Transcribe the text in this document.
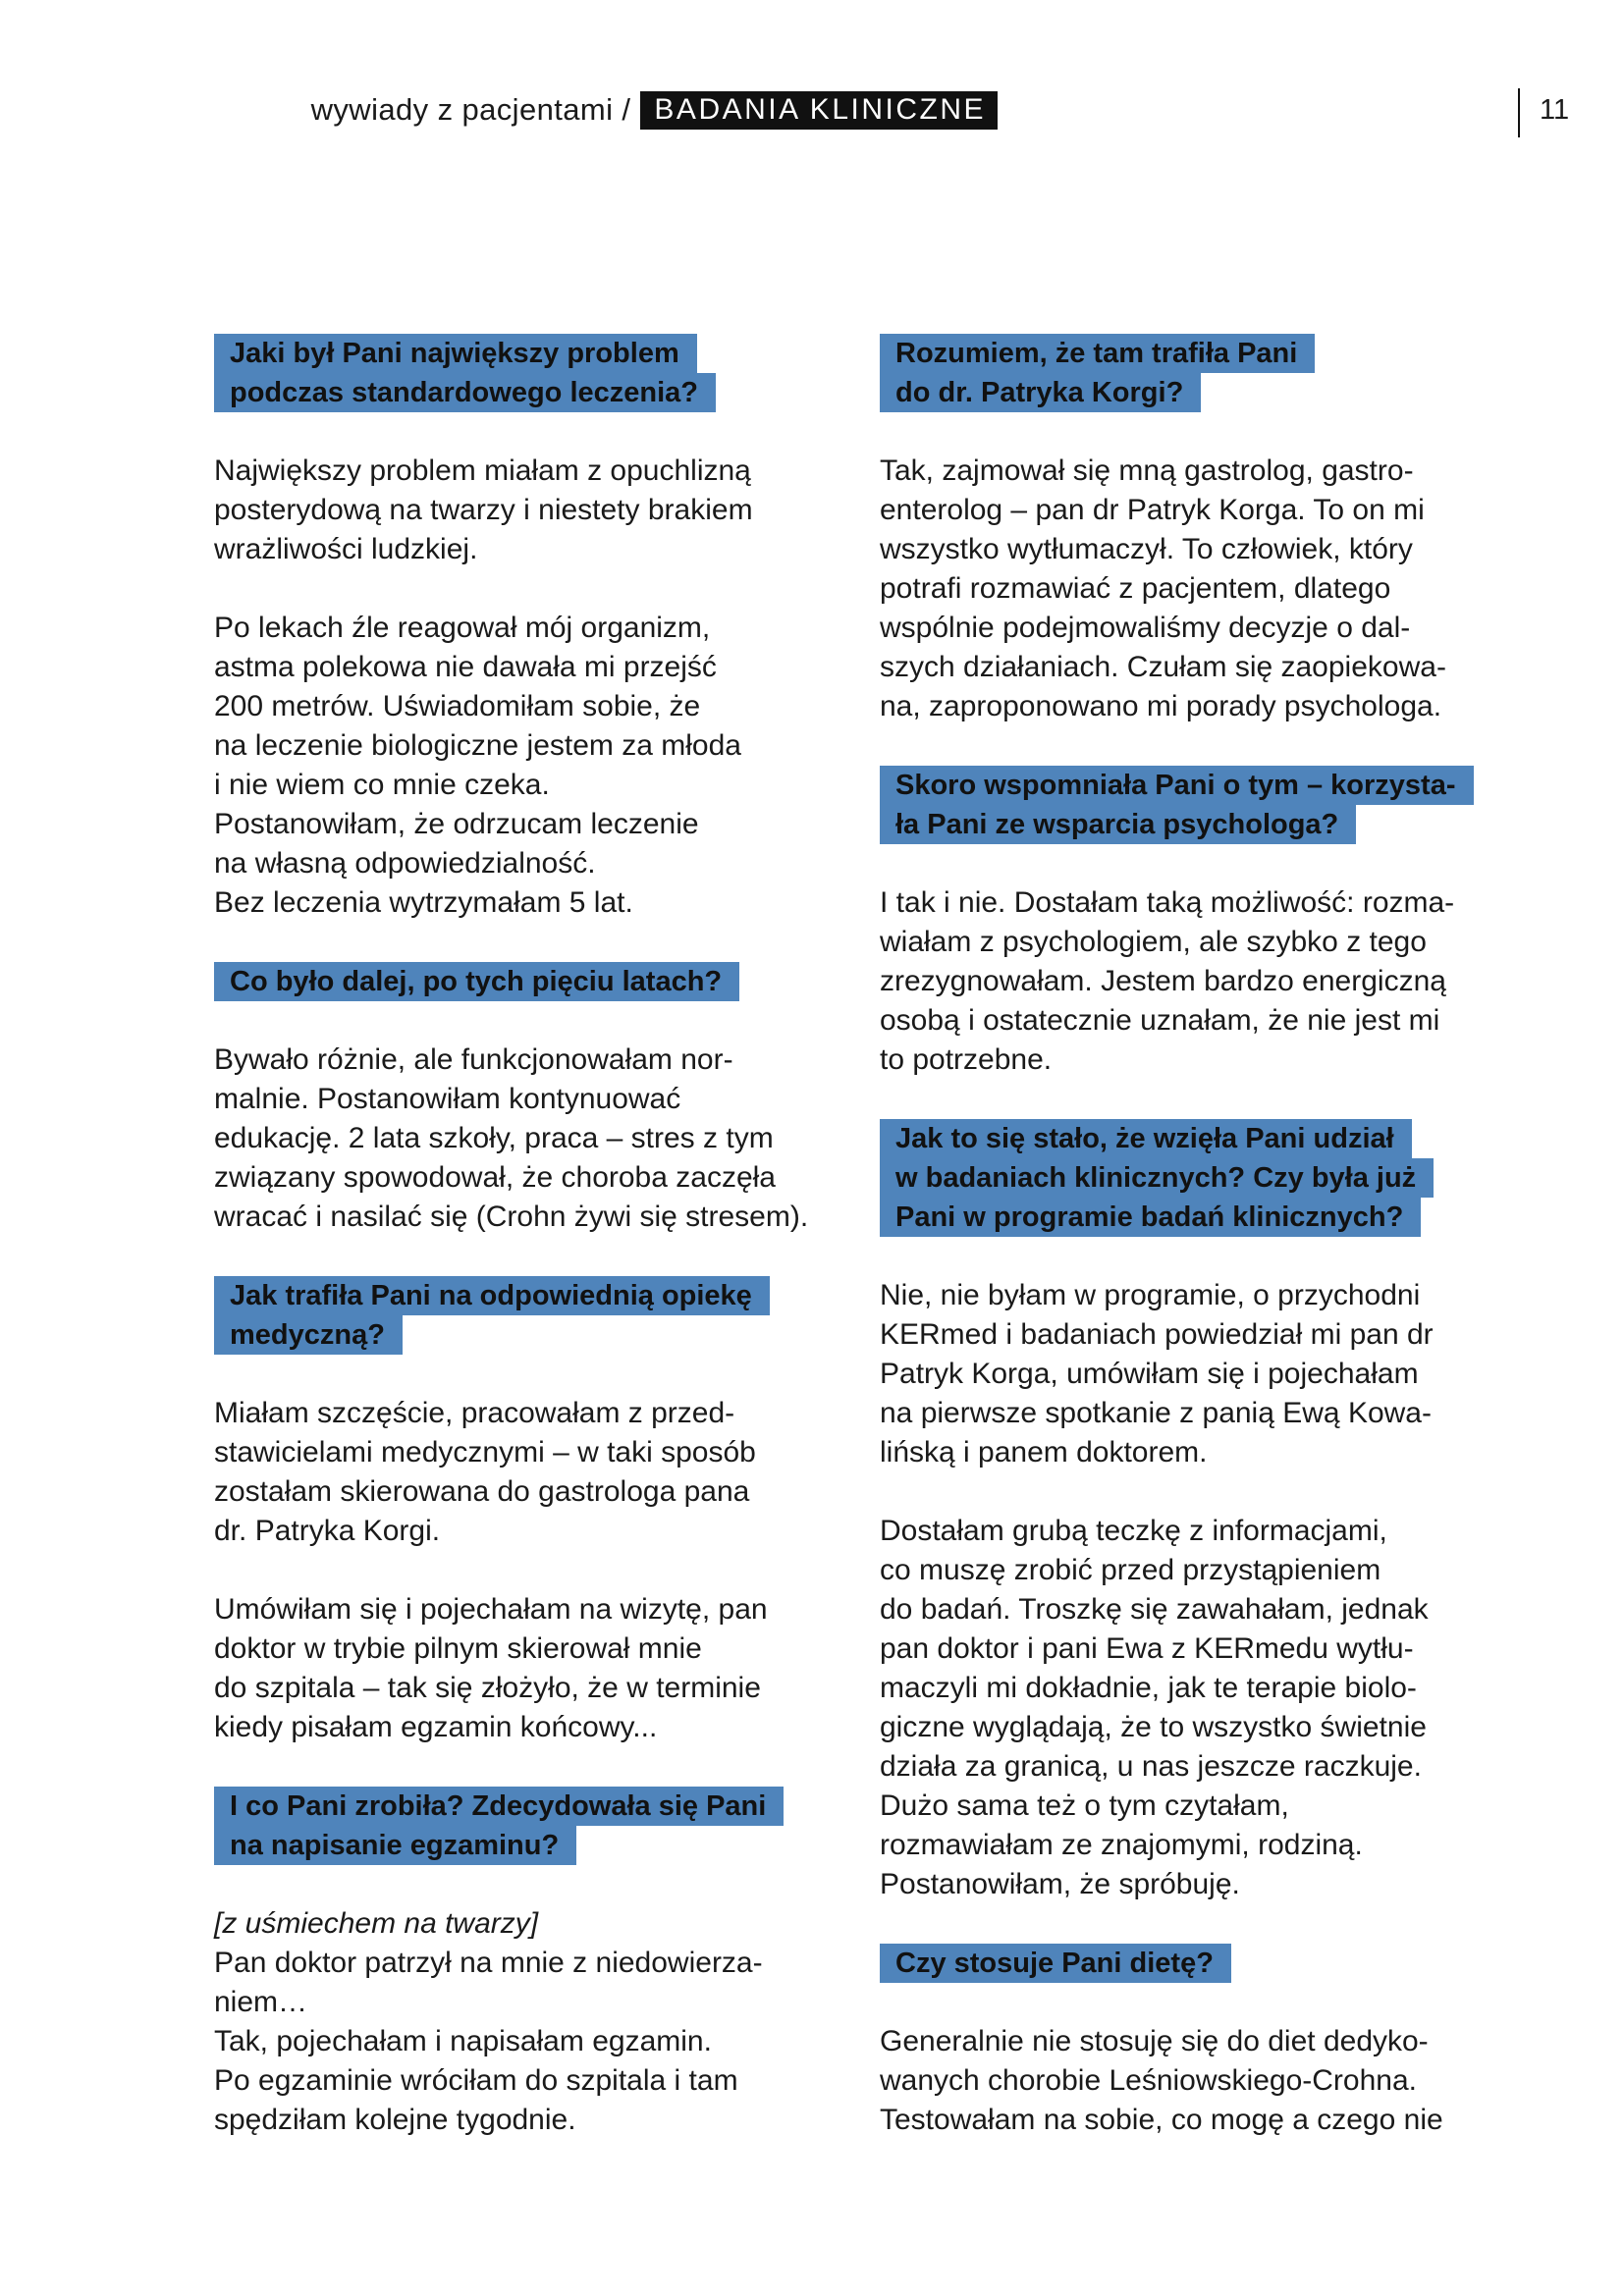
wywiady z pacjentami / BADANIA KLINICZNE	11
Jaki był Pani największy problem
podczas standardowego leczenia?
Największy problem miałam z opuchlizną
posterydową na twarzy i niestety brakiem
wrażliwości ludzkiej.
Po lekach źle reagował mój organizm,
astma polekowa nie dawała mi przejść
200 metrów. Uświadomiłam sobie, że
na leczenie biologiczne jestem za młoda
i nie wiem co mnie czeka.
Postanowiłam, że odrzucam leczenie
na własną odpowiedzialność.
Bez leczenia wytrzymałam 5 lat.
Co było dalej, po tych pięciu latach?
Bywało różnie, ale funkcjonowałam nor-
malnie. Postanowiłam kontynuować
edukację. 2 lata szkoły, praca – stres z tym
związany spowodował, że choroba zaczęła
wracać i nasilać się (Crohn żywi się stresem).
Jak trafiła Pani na odpowiednią opiekę
medyczną?
Miałam szczęście, pracowałam z przed-
stawicielami medycznymi – w taki sposób
zostałam skierowana do gastrologa pana
dr. Patryka Korgi.
Umówiłam się i pojechałam na wizytę, pan
doktor w trybie pilnym skierował mnie
do szpitala – tak się złożyło, że w terminie
kiedy pisałam egzamin końcowy...
I co Pani zrobiła? Zdecydowała się Pani
na napisanie egzaminu?
[z uśmiechem na twarzy]
Pan doktor patrzył na mnie z niedowierza-
niem…
Tak, pojechałam i napisałam egzamin.
Po egzaminie wróciłam do szpitala i tam
spędziłam kolejne tygodnie.
Rozumiem, że tam trafiła Pani
do dr. Patryka Korgi?
Tak, zajmował się mną gastrolog, gastro-
enterolog – pan dr Patryk Korga. To on mi
wszystko wytłumaczył. To człowiek, który
potrafi rozmawiać z pacjentem, dlatego
wspólnie podejmowaliśmy decyzje o dal-
szych działaniach. Czułam się zaopiekowa-
na, zaproponowano mi porady psychologa.
Skoro wspomniała Pani o tym – korzysta-
ła Pani ze wsparcia psychologa?
I tak i nie. Dostałam taką możliwość: rozma-
wiałam z psychologiem, ale szybko z tego
zrezygnowałam. Jestem bardzo energiczną
osobą i ostatecznie uznałam, że nie jest mi
to potrzebne.
Jak to się stało, że wzięła Pani udział
w badaniach klinicznych? Czy była już
Pani w programie badań klinicznych?
Nie, nie byłam w programie, o przychodni
KERmed i badaniach powiedział mi pan dr
Patryk Korga, umówiłam się i pojechałam
na pierwsze spotkanie z panią Ewą Kowa-
lińską i panem doktorem.
Dostałam grubą teczkę z informacjami,
co muszę zrobić przed przystąpieniem
do badań. Troszkę się zawahałam, jednak
pan doktor i pani Ewa z KERmedu wytłu-
maczyli mi dokładnie, jak te terapie biolo-
giczne wyglądają, że to wszystko świetnie
działa za granicą, u nas jeszcze raczkuje.
Dużo sama też o tym czytałam,
rozmawiałam ze znajomymi, rodziną.
Postanowiłam, że spróbuję.
Czy stosuje Pani dietę?
Generalnie nie stosuję się do diet dedyko-
wanych chorobie Leśniowskiego-Crohna.
Testowałam na sobie, co mogę a czego nie
